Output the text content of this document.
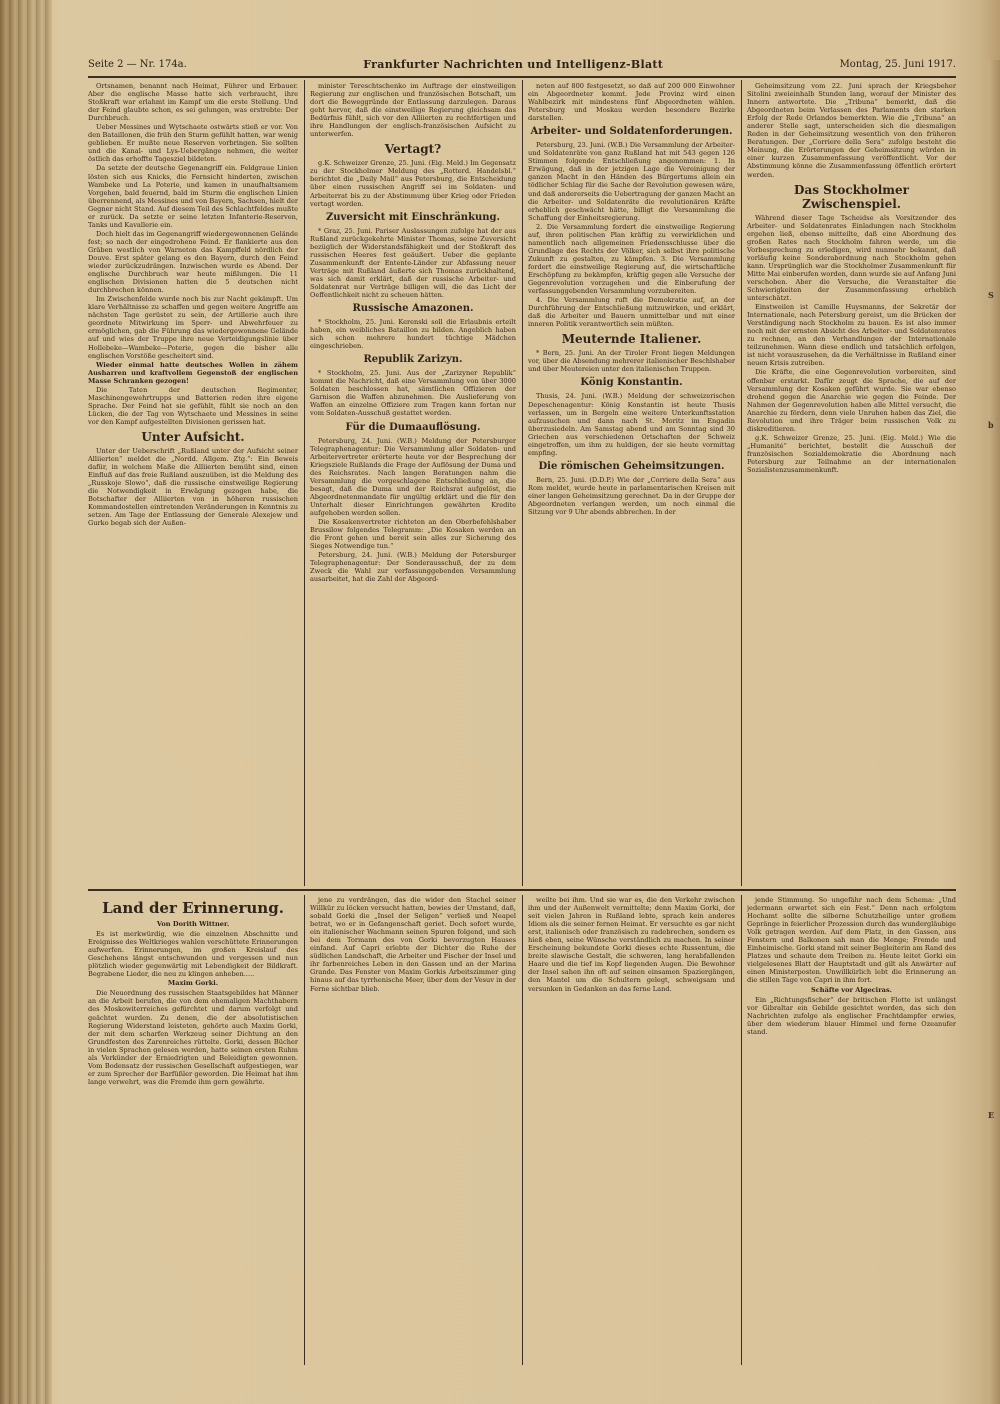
S
b
E
Seite 2 — Nr. 174a.	Frankfurter Nachrichten und Intelligenz-Blatt	Montag, 25. Juni 1917.

Ortsnamen, benannt nach Heimat, Führer und Erbauer. Aber die englische Masse hatte sich verbraucht, ihre Stoßkraft war erlahmt im Kampf um die erste Stellung. Und der Feind glaubte schon, es sei gelungen, was erstrebte: Der Durchbruch.

Ueber Messines und Wytschaete ostwärts stieß er vor. Von den Bataillonen, die früh den Sturm gefühlt hatten, war wenig geblieben. Er mußte neue Reserven vorbringen. Sie sollten und die Kanal- und Lys-Uebergänge nehmen, die weiter östlich das erhoffte Tagesziel bildeten.

Da setzte der deutsche Gegenangriff ein. Feldgraue Linien lösten sich aus Knicks, die Fernsicht hinderten, zwischen Wambeke und La Poterie, und kamen in unaufhaltsamem Vorgehen, bald feuernd, bald im Sturm die englischen Linien überrennend, als Messines und von Bayern, Sachsen, hielt der Gegner nicht Stand. Auf diesem Teil des Schlachtfeldes mußte er zurück. Da setzte er seine letzten Infanterie-Reserven, Tanks und Kavallerie ein.

Doch hielt das im Gegenangriff wiedergewonnenen Gelände fest; so nach der eingedrohene Feind. Er flankierte aus den Gräben westlich von Warneton das Kampffeld nördlich der Douve. Erst später gelang es den Bayern, durch den Feind wieder zurückzudrängen. Inzwischen wurde es Abend. Der englische Durchbruch war heute mißlungen. Die 11 englischen Divisionen hatten die 5 deutschen nicht durchbrechen können.

Im Zwischenfelde wurde noch bis zur Nacht gekämpft. Um klare Verhältnisse zu schaffen und gegen weitere Angriffe am nächsten Tage gerüstet zu sein, der Artillerie auch ihre geordnete Mitwirkung im Sperr- und Abwehrfeuer zu ermöglichen, gab die Führung das wiedergewonnene Gelände auf und wies der Truppe ihre neue Verteidigungslinie über Hollebeke—Wambeke—Poterie, gegen die bisher alle englischen Vorstöße gescheitert sind.

Wieder einmal hatte deutsches Wollen in zähem Ausharren und kraftvollem Gegenstoß der englischen Masse Schranken gezogen!

Die Taten der deutschen Regimenter, Maschinengewehrtrupps und Batterien reden ihre eigene Sprache. Der Feind hat sie gefühlt, fühlt sie noch an den Lücken, die der Tag von Wytschaete und Messines in seine vor den Kampf aufgestellten Divisionen gerissen hat.

Unter Aufsicht.

Unter der Ueberschrift „Rußland unter der Aufsicht seiner Alliierten“ meldet die „Nordd. Allgem. Ztg.“: Ein Beweis dafür, in welchem Maße die Alliierten bemüht sind, einen Einfluß auf das freie Rußland auszuüben, ist die Meldung des „Russkoje Slowo“, daß die russische einstweilige Regierung die Notwendigkeit in Erwägung gezogen habe, die Botschafter der Alliierten von in höheren russischen Kommandostellen eintretenden Veränderungen in Kenntnis zu setzen. Am Tage der Entlassung der Generale Alexejew und Gurko begab sich der Außen-

minister Tereschtschenko im Auftrage der einstweiligen Regierung zur englischen und französischen Botschaft, um dort die Beweggründe der Entlassung darzulegen. Daraus geht hervor, daß die einstweilige Regierung gleichsam das Bedürfnis fühlt, sich vor den Alliierten zu rechtfertigen und ihre Handlungen der englisch-französischen Aufsicht zu unterwerfen.

Vertagt?

g.K. Schweizer Grenze, 25. Juni. (Eig. Meld.) Im Gegensatz zu der Stockholmer Meldung des „Rotterd. Handelsbl.“ berichtet die „Daily Mail“ aus Petersburg, die Entscheidung über einen russischen Angriff sei im Soldaten- und Arbeiterrat bis zu der Abstimmung über Krieg oder Frieden vertagt worden.

Zuversicht mit Einschränkung.

* Graz, 25. Juni. Pariser Auslassungen zufolge hat der aus Rußland zurückgekehrte Minister Thomas, seine Zuversicht bezüglich der Widerstandsfähigkeit und der Stoßkraft des russischen Heeres fest geäußert. Ueber die geplante Zusammenkunft der Entente-Länder zur Abfassung neuer Verträge mit Rußland äußerte sich Thomas zurückhaltend, was sich damit erklärt, daß der russische Arbeiter- und Soldatenrat nur Verträge billigen will, die das Licht der Oeffentlichkeit nicht zu scheuen hätten.

Russische Amazonen.

* Stockholm, 25. Juni. Kerenski soll die Erlaubnis erteilt haben, ein weibliches Bataillon zu bilden. Angeblich haben sich schon mehrere hundert tüchtige Mädchen eingeschrieben.

Republik Zarizyn.

* Stockholm, 25. Juni. Aus der „Zarizyner Republik“ kommt die Nachricht, daß eine Versammlung von über 3000 Soldaten beschlossen hat, sämtlichen Offizieren der Garnison die Waffen abzunehmen. Die Auslieferung von Waffen an einzelne Offiziere zum Tragen kann fortan nur vom Soldaten-Ausschuß gestattet werden.

Für die Dumaauflösung.

Petersburg, 24. Juni. (W.B.) Meldung der Petersburger Telegraphenagentur: Die Versammlung aller Soldaten- und Arbeitervertreter erörterte heute vor der Besprechung der Kriegsziele Rußlands die Frage der Auflösung der Duma und des Reichsrates. Nach langen Beratungen nahm die Versammlung die vorgeschlagene Entschließung an, die besagt, daß die Duma und der Reichsrat aufgelöst, die Abgeordnetenmandate für ungültig erklärt und die für den Unterhalt dieser Einrichtungen gewährten Kredite aufgehoben werden sollen.

Die Kosakenvertreter richteten an den Oberbefehlshaber Brussilow folgendes Telegramm: „Die Kosaken werden an die Front gehen und bereit sein alles zur Sicherung des Sieges Notwendige tun.“

Petersburg, 24. Juni. (W.B.) Meldung der Petersburger Telegraphenagentur: Der Sonderausschuß, der zu dem Zweck die Wahl zur verfassunggebenden Versammlung ausarbeitet, hat die Zahl der Abgeord-

neten auf 800 festgesetzt, so daß auf 200 000 Einwohner ein Abgeordneter kommt. Jede Provinz wird einen Wahlbezirk mit mindestens fünf Abgeordneten wählen. Petersburg und Moskau werden besondere Bezirke darstellen.

Arbeiter- und Soldatenforderungen.

Petersburg, 23. Juni. (W.B.) Die Versammlung der Arbeiter- und Soldatenräte von ganz Rußland hat mit 543 gegen 126 Stimmen folgende Entschließung angenommen: 1. In Erwägung, daß in der jetzigen Lage die Vereinigung der ganzen Macht in den Händen des Bürgertums allein ein tödlicher Schlag für die Sache der Revolution gewesen wäre, und daß andererseits die Uebertragung der ganzen Macht an die Arbeiter- und Soldatenräte die revolutionären Kräfte erheblich geschwächt hätte, billigt die Versammlung die Schaffung der Einheitsregierung.

2. Die Versammlung fordert die einstweilige Regierung auf, ihren politischen Plan kräftig zu verwirklichen und namentlich nach allgemeinen Friedensschlusse über die Grundlage des Rechts der Völker, sich selbst ihre politische Zukunft zu gestalten, zu kämpfen. 3. Die Versammlung fordert die einstweilige Regierung auf, die wirtschaftliche Erschöpfung zu bekämpfen, kräftig gegen alle Versuche der Gegenrevolution vorzugehen und die Einberufung der verfassunggebenden Versammlung vorzubereiten.

4. Die Versammlung ruft die Demokratie auf, an der Durchführung der Entschließung mitzuwirken, und erklärt, daß die Arbeiter und Bauern unmittelbar und mit einer inneren Politik verantwortlich sein müßten.

Meuternde Italiener.

* Bern, 25. Juni. An der Tiroler Front liegen Meldungen vor, über die Absendung mehrerer italienischer Beschlshaber und über Meutereien unter den italienischen Truppen.

König Konstantin.

Thusis, 24. Juni. (W.B.) Meldung der schweizerischen Depeschenagentur: König Konstantin ist heute Thusis verlassen, um in Bergeln eine weitere Unterkunftsstation aufzusuchen und dann nach St. Moritz im Engadin überzusiedeln. Am Samstag abend und am Sonntag sind 30 Griechen aus verschiedenen Ortschaften der Schweiz eingetroffen, um ihm zu huldigen, der sie heute vormittag empfing.

Die römischen Geheimsitzungen.

Bern, 25. Juni. (D.D.P.) Wie der „Corriere della Sera“ aus Rom meldet, wurde heute in parlamentarischen Kreisen mit einer langen Geheimsitzung gerechnet. Da in der Gruppe der Abgeordneten verlangen werden, um noch einmal die Sitzung vor 9 Uhr abends abbrechen. In der

Geheimsitzung vom 22. Juni sprach der Kriegsbeher Sitolini zweieinhalb Stunden lang, worauf der Minister des Innern antwortete. Die „Tribuna“ bemerkt, daß die Abgeordneten beim Verlassen des Parlaments den starken Erfolg der Rede Orlandos bemerkten. Wie die „Tribuna“ an anderer Stelle sagt, unterscheiden sich die diesmaligen Reden in der Geheimsitzung wesentlich von den früheren Beratungen. Der „Corriere della Sera“ zufolge besteht die Meinung, die Erörterungen der Geheimsitzung würden in einer kurzen Zusammenfassung veröffentlicht. Vor der Abstimmung könne die Zusammenfassung öffentlich erörtert werden.

Das Stockholmer Zwischenspiel.

Während dieser Tage Tscheidse als Vorsitzender des Arbeiter- und Soldatenrates Einladungen nach Stockholm ergehen ließ, ebenso mitteilte, daß eine Abordnung des großen Rates nach Stockholm fahren werde, um die Vorbesprechung zu erledigen, wird nunmehr bekannt, daß vorläufig keine Sonderabordnung nach Stockholm gehen kann. Ursprünglich war die Stockholmer Zusammenkunft für Mitte Mai einberufen worden, dann wurde sie auf Anfang Juni verschoben. Aber die Versuche, die Veranstalter die Schwierigkeiten der Zusammenfassung erheblich unterschätzt.

Einstweilen ist Camille Huysmanns, der Sekretär der Internationale, nach Petersburg gereist, um die Brücken der Verständigung nach Stockholm zu bauen. Es ist also immer noch mit der ernsten Absicht des Arbeiter- und Soldatenrates zu rechnen, an den Verhandlungen der Internationale teilzunehmen. Wann diese endlich und tatsächlich erfolgen, ist nicht vorauszusehen, da die Verhältnisse in Rußland einer neuen Krisis zutreiben.

Die Kräfte, die eine Gegenrevolution vorbereiten, sind offenbar erstarkt. Dafür zeugt die Sprache, die auf der Versammlung der Kosaken geführt wurde. Sie war ebenso drohend gegen die Anarchie wie gegen die Feinde. Der Nahmen der Gegenrevolution haben alle Mittel versucht, die Anarchie zu fördern, denn viele Unruhen haben das Ziel, die Revolution und ihre Träger beim russischen Volk zu diskreditieren.

g.K. Schweizer Grenze, 25. Juni. (Eig. Meld.) Wie die „Humanité“ berichtet, bestellt die Ausschuß der französischen Sozialdemokratie die Abordnung nach Petersburg zur Teilnahme an der internationalen Sozialistenzusammenkunft.

Land der Erinnerung.
Von Dorith Wittner.

Es ist merkwürdig, wie die einzelnen Abschnitte und Ereignisse des Weltkrieges wahlen verschüttete Erinnerungen aufwerfen. Erinnerungen, im großen Kreislauf des Geschehens längst entschwunden und vergessen und nun plötzlich wieder gegenwärtig mit Lebendigkeit der Bildkraft. Begrabene Lieder, die neu zu klingen anheben.....

Maxim Gorki.

Die Neuordnung des russischen Staatsgebildes hat Männer an die Arbeit berufen, die von dem ehemaligen Machthabern des Moskowiterreiches gefürchtet und darum verfolgt und geächtet wurden. Zu denen, die der absolutistischen Regierung Widerstand leisteten, gehörte auch Maxim Gorki, der mit dem scharfen Werkzeug seiner Dichtung an den Grundfesten des Zarenreiches rüttelte. Gorki, dessen Bücher in vielen Sprachen gelesen werden, hatte seinen ersten Ruhm als Verkünder der Erniedrigten und Beleidigten gewonnen. Vom Bodensatz der russischen Gesellschaft aufgestiegen, war er zum Sprecher der Barfüßler geworden. Die Heimat hat ihm lange verwehrt, was die Fremde ihm gern gewährte.

jene zu verdrängen, das die wider den Stachel seiner Willkür zu löcken versucht hatten, bewies der Umstand, daß, sobald Gorki die „Insel der Seligen“ verließ und Neapel betrat, wo er in Gefangenschaft geriet. Doch sofort wurde, ein italienischer Wachmann seinen Spuren folgend, und sich bei dem Tormann des von Gorki bevorzugten Hauses einfand. Auf Capri erlebte der Dichter die Ruhe der südlichen Landschaft, die Arbeiter und Fischer der Insel und ihr farbenreiches Leben in den Gassen und an der Marina Grande. Das Fenster von Maxim Gorkis Arbeitszimmer ging hinaus auf das tyrrhenische Meer, über dem der Vesuv in der Ferne sichtbar blieb.

weilte bei ihm. Und sie war es, die den Verkehr zwischen ihm und der Außenwelt vermittelte; denn Maxim Gorki, der seit vielen Jahren in Rußland lebte, sprach kein anderes Idiom als die seiner fernen Heimat. Er versuchte es gar nicht erst, italienisch oder französisch zu radebrechen, sondern es hieß eben, seine Wünsche verständlich zu machen. In seiner Erscheinung bekundete Gorki dieses echte Russentum, die breite slawische Gestalt, die schweren, lang herabfallenden Haare und die tief im Kopf liegenden Augen. Die Bewohner der Insel sahen ihn oft auf seinen einsamen Spaziergängen, den Mantel um die Schultern gelegt, schweigsam und versunken in Gedanken an das ferne Land.

jende Stimmung. So ungefähr nach dem Schema: „Und jedermann erwartet sich ein Fest.“ Denn nach erfolgtem Hochamt sollte die silberne Schutzheilige unter großem Gepränge in feierlicher Prozession durch das wundergläubige Volk getragen werden. Auf dem Platz, in den Gassen, aus Fenstern und Balkonen sah man die Menge; Fremde und Einheimische. Gorki stand mit seiner Begleiterin am Rand des Platzes und schaute dem Treiben zu. Heute leitet Gorki ein vielgelesenes Blatt der Hauptstadt und gilt als Anwärter auf einen Ministerposten. Unwillkürlich lebt die Erinnerung an die stillen Tage von Capri in ihm fort.

Schäfte vor Algeciras.

Ein „Richtungsfischer“ der britischen Flotte ist unlängst vor Gibraltar ein Gebilde gesichtet worden, das sich den Nachrichten zufolge als englischer Frachtdampfer erwies, über dem wiederum blauer Himmel und ferne Ozeanufer stand.
